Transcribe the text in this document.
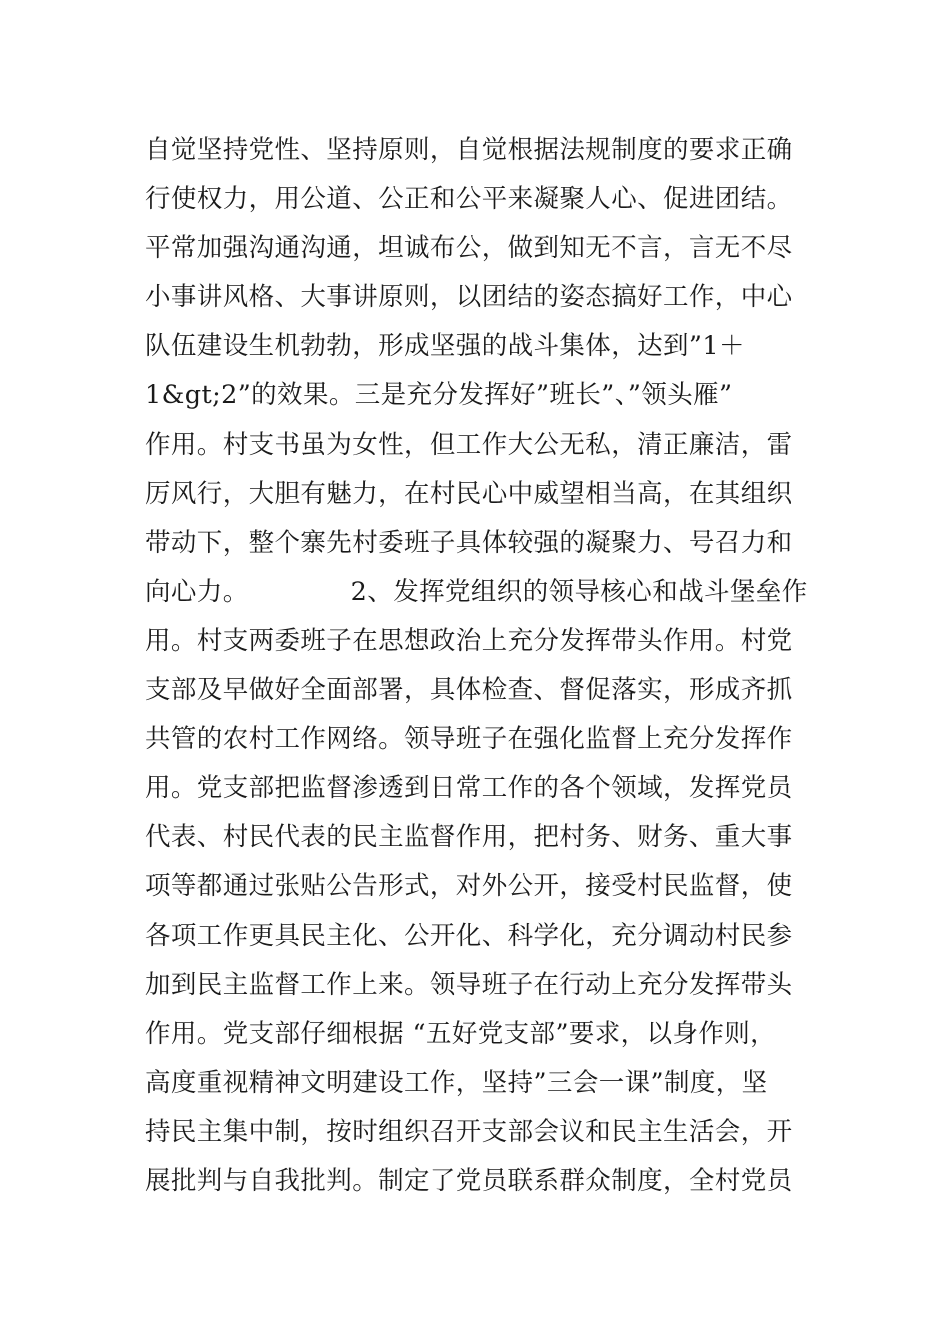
自觉坚持党性、坚持原则，自觉根据法规制度的要求正确
行使权力，用公道、公正和公平来凝聚人心、促进团结。
平常加强沟通沟通，坦诚布公，做到知无不言，言无不尽
小事讲风格、大事讲原则，以团结的姿态搞好工作，中心
队伍建设生机勃勃，形成坚强的战斗集体，达到”1＋
1&gt;2”的效果。三是充分发挥好”班长”、”领头雁”
作用。村支书虽为女性，但工作大公无私，清正廉洁，雷
厉风行，大胆有魅力，在村民心中威望相当高，在其组织
带动下，整个寨先村委班子具体较强的凝聚力、号召力和
向心力。            2、发挥党组织的领导核心和战斗堡垒作
用。村支两委班子在思想政治上充分发挥带头作用。村党
支部及早做好全面部署，具体检查、督促落实，形成齐抓
共管的农村工作网络。领导班子在强化监督上充分发挥作
用。党支部把监督渗透到日常工作的各个领域，发挥党员
代表、村民代表的民主监督作用，把村务、财务、重大事
项等都通过张贴公告形式，对外公开，接受村民监督，使
各项工作更具民主化、公开化、科学化，充分调动村民参
加到民主监督工作上来。领导班子在行动上充分发挥带头
作用。党支部仔细根据 “五好党支部”要求，以身作则，
高度重视精神文明建设工作，坚持”三会一课”制度，坚
持民主集中制，按时组织召开支部会议和民主生活会，开
展批判与自我批判。制定了党员联系群众制度，全村党员
